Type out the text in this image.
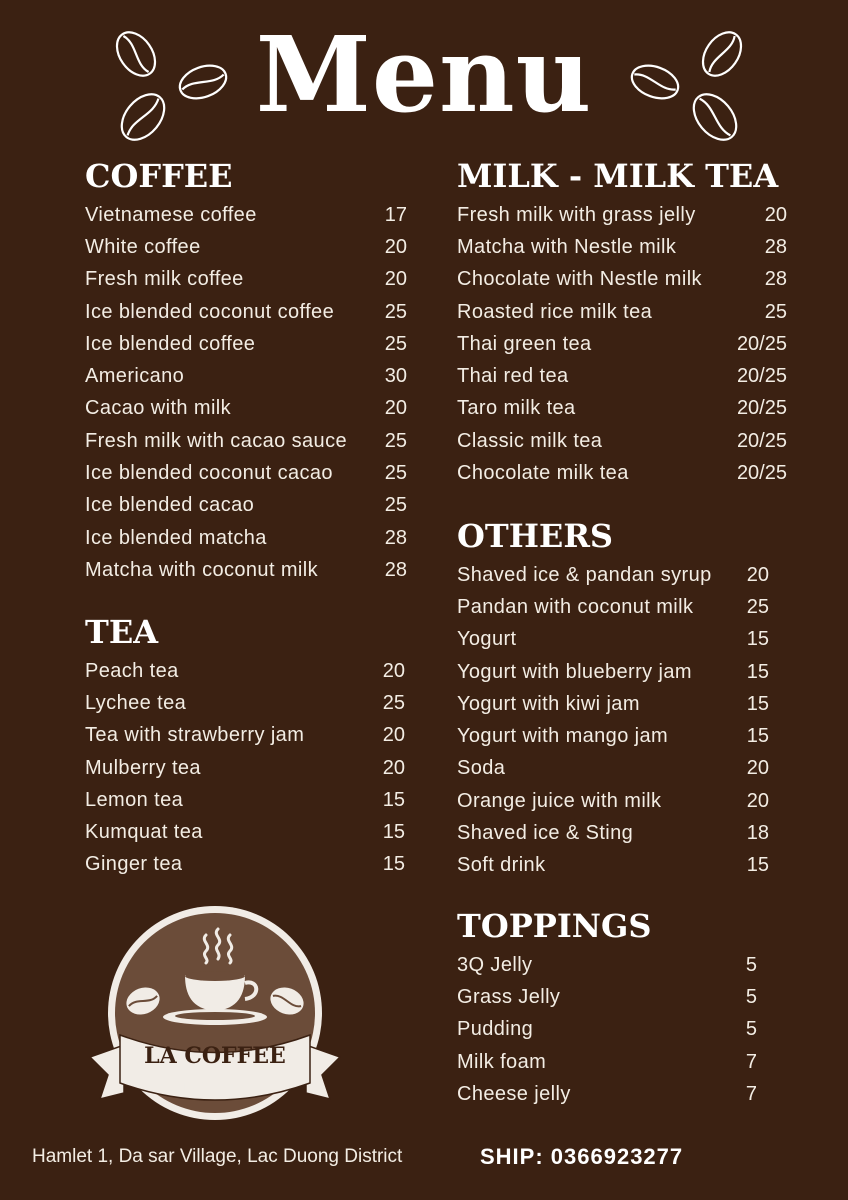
Menu
COFFEE
Vietnamese coffee	17
White coffee	20
Fresh milk coffee	20
Ice blended coconut coffee	25
Ice blended coffee	25
Americano	30
Cacao with milk	20
Fresh milk with cacao sauce 25
Ice blended coconut cacao	25
Ice blended cacao	25
Ice blended matcha	28
Matcha with coconut milk	28
TEA
Peach tea	20
Lychee tea	25
Tea with strawberry jam	20
Mulberry tea	20
Lemon tea	15
Kumquat tea	15
Ginger tea	15
MILK - MILK TEA
Fresh milk with grass jelly	20
Matcha with Nestle milk	28
Chocolate with Nestle milk	28
Roasted rice milk tea	25
Thai green tea	20/25
Thai red tea	20/25
Taro milk tea	20/25
Classic milk tea	20/25
Chocolate milk tea	20/25
OTHERS
Shaved ice & pandan syrup 20
Pandan with coconut milk	25
Yogurt	15
Yogurt with blueberry jam	15
Yogurt with kiwi jam	15
Yogurt with mango jam	15
Soda	20
Orange juice with milk	20
Shaved ice & Sting	18
Soft drink	15
TOPPINGS
3Q Jelly	5
Grass Jelly	5
Pudding	5
Milk foam	7
Cheese jelly	7
LA COFFEE
SINCE 2018
Hamlet 1, Da sar Village, Lac Duong District	SHIP: 0366923277
